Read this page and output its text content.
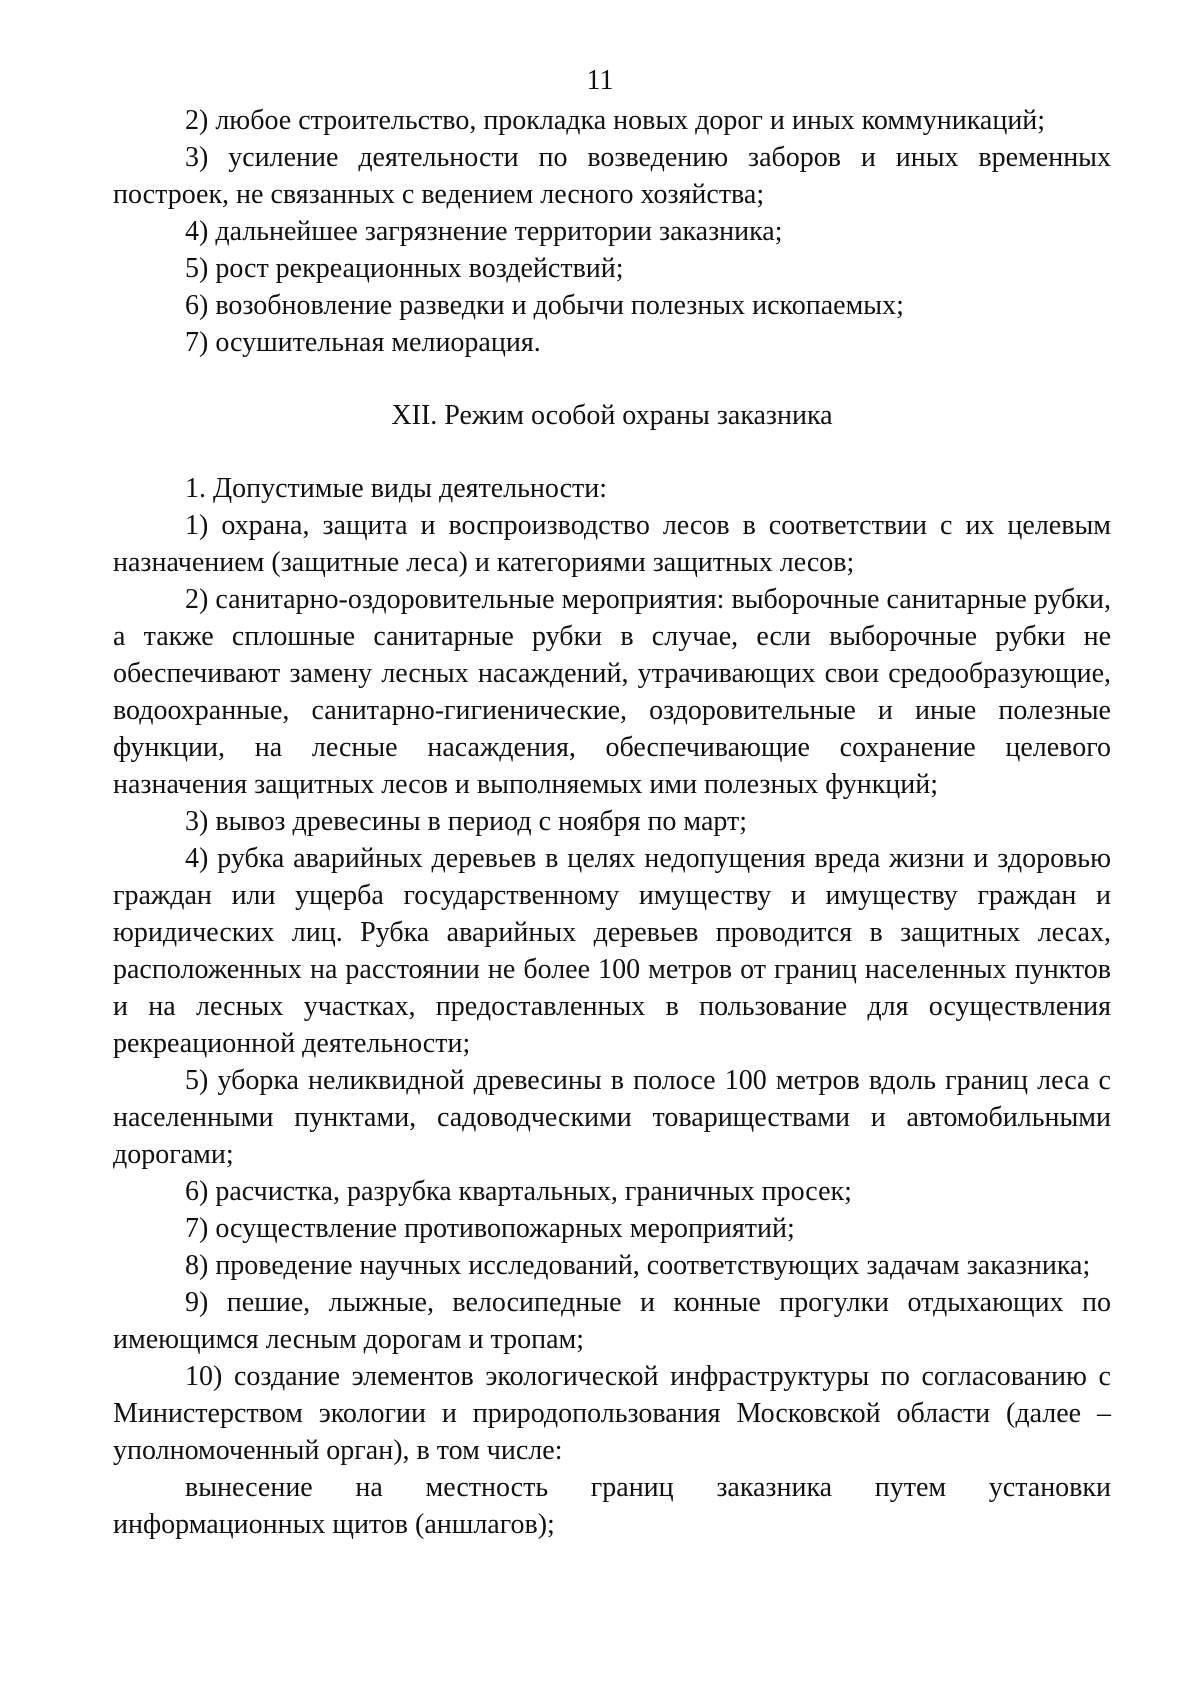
11

2) любое строительство, прокладка новых дорог и иных коммуникаций;

3) усиление деятельности по возведению заборов и иных временных построек, не связанных с ведением лесного хозяйства;

4) дальнейшее загрязнение территории заказника;

5) рост рекреационных воздействий;

6) возобновление разведки и добычи полезных ископаемых;

7) осушительная мелиорация.

XII. Режим особой охраны заказника

1. Допустимые виды деятельности:

1) охрана, защита и воспроизводство лесов в соответствии с их целевым назначением (защитные леса) и категориями защитных лесов;

2) санитарно-оздоровительные мероприятия: выборочные санитарные рубки, а также сплошные санитарные рубки в случае, если выборочные рубки не обеспечивают замену лесных насаждений, утрачивающих свои средообразующие, водоохранные, санитарно-гигиенические, оздоровительные и иные полезные функции, на лесные насаждения, обеспечивающие сохранение целевого назначения защитных лесов и выполняемых ими полезных функций;

3) вывоз древесины в период с ноября по март;

4) рубка аварийных деревьев в целях недопущения вреда жизни и здоровью граждан или ущерба государственному имуществу и имуществу граждан и юридических лиц. Рубка аварийных деревьев проводится в защитных лесах, расположенных на расстоянии не более 100 метров от границ населенных пунктов и на лесных участках, предоставленных в пользование для осуществления рекреационной деятельности;

5) уборка неликвидной древесины в полосе 100 метров вдоль границ леса с населенными пунктами, садоводческими товариществами и автомобильными дорогами;

6) расчистка, разрубка квартальных, граничных просек;

7) осуществление противопожарных мероприятий;

8) проведение научных исследований, соответствующих задачам заказника;

9) пешие, лыжные, велосипедные и конные прогулки отдыхающих по имеющимся лесным дорогам и тропам;

10) создание элементов экологической инфраструктуры по согласованию с Министерством экологии и природопользования Московской области (далее – уполномоченный орган), в том числе:

вынесение на местность границ заказника путем установки информационных щитов (аншлагов);
